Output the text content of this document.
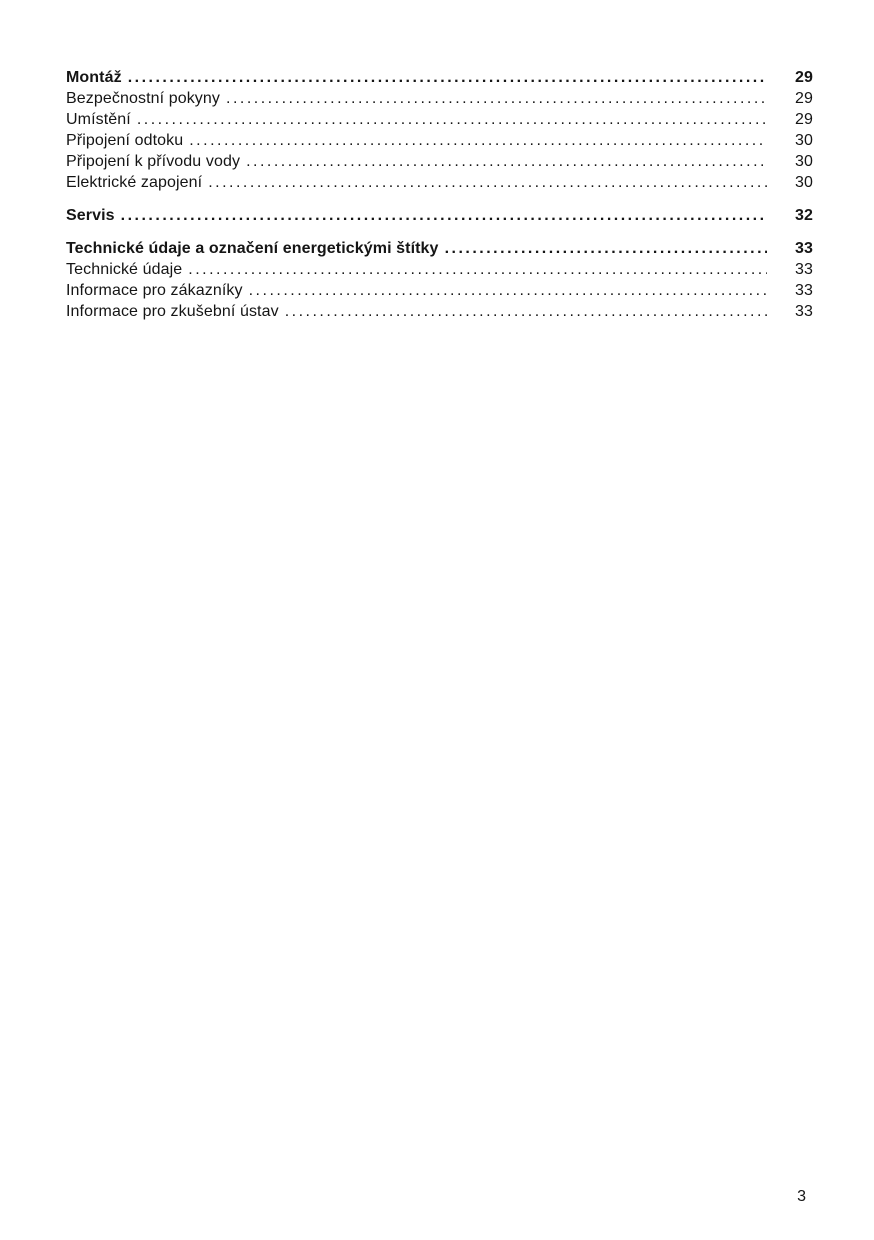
Montáž .....	29
Bezpečnostní pokyny .....	29
Umístění .....	29
Připojení odtoku .....	30
Připojení k přívodu vody .....	30
Elektrické zapojení .....	30
Servis .....	32
Technické údaje a označení energetickými štítky .....	33
Technické údaje .....	33
Informace pro zákazníky .....	33
Informace pro zkušební ústav .....	33
3
